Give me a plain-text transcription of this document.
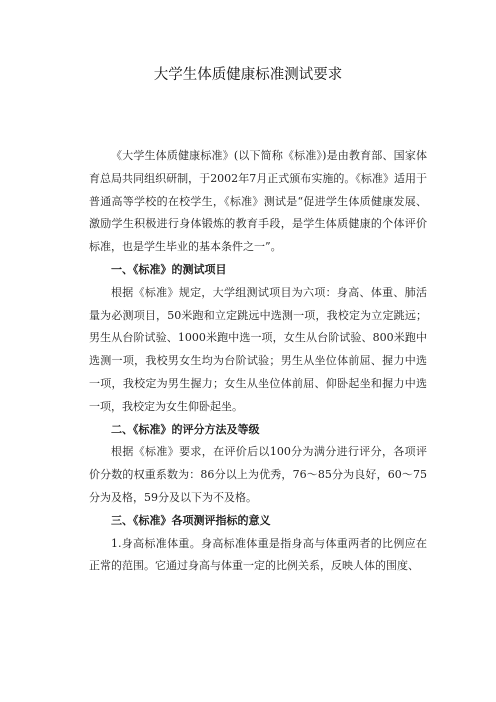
大学生体质健康标准测试要求

《大学生体质健康标准》(以下简称《标准》)是由教育部、国家体育总局共同组织研制，于2002年7月正式颁布实施的。《标准》适用于普通高等学校的在校学生，《标准》测试是“促进学生体质健康发展、激励学生积极进行身体锻炼的教育手段，是学生体质健康的个体评价标准，也是学生毕业的基本条件之一”。

一、《标准》的测试项目

根据《标准》规定，大学组测试项目为六项：身高、体重、肺活量为必测项目，50米跑和立定跳远中选测一项，我校定为立定跳远；男生从台阶试验、1000米跑中选一项，女生从台阶试验、800米跑中选测一项，我校男女生均为台阶试验；男生从坐位体前屈、握力中选一项，我校定为男生握力；女生从坐位体前屈、仰卧起坐和握力中选一项，我校定为女生仰卧起坐。

二、《标准》的评分方法及等级

根据《标准》要求，在评价后以100分为满分进行评分，各项评价分数的权重系数为：86分以上为优秀，76～85分为良好，60～75分为及格，59分及以下为不及格。

三、《标准》各项测评指标的意义

1.身高标准体重。身高标准体重是指身高与体重两者的比例应在正常的范围。它通过身高与体重一定的比例关系，反映人体的围度、
